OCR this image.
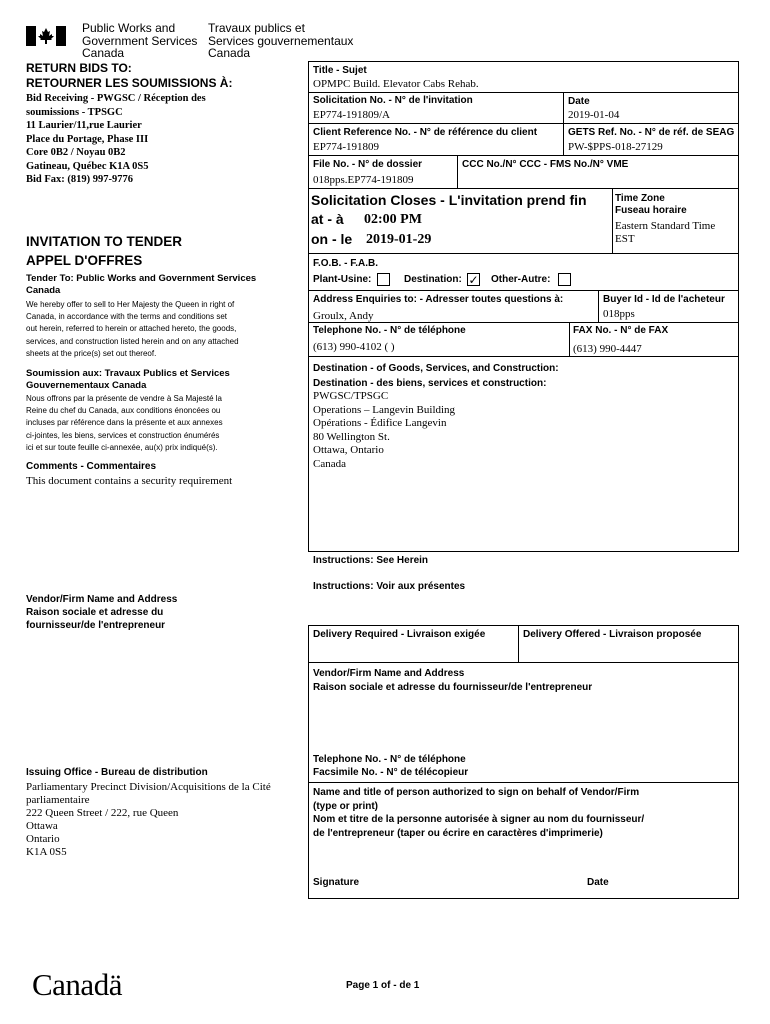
Public Works and
Government Services
Canada
Travaux publics et
Services gouvernementaux
Canada
RETURN BIDS TO:
RETOURNER LES SOUMISSIONS À:
Bid Receiving - PWGSC / Réception des
soumissions - TPSGC
11 Laurier/11,rue Laurier
Place du Portage, Phase III
Core 0B2 / Noyau 0B2
Gatineau, Québec K1A 0S5
Bid Fax: (819) 997-9776
INVITATION TO TENDER
APPEL D'OFFRES
Tender To: Public Works and Government Services
Canada
We hereby offer to sell to Her Majesty the Queen in right of
Canada, in accordance with the terms and conditions set
out herein, referred to herein or attached hereto, the goods,
services, and construction listed herein and on any attached
sheets at the price(s) set out thereof.
Soumission aux: Travaux Publics et Services
Gouvernementaux Canada
Nous offrons par la présente de vendre à Sa Majesté la
Reine du chef du Canada, aux conditions énoncées ou
incluses par référence dans la présente et aux annexes
ci-jointes, les biens, services et construction énumérés
ici et sur toute feuille ci-annexée, au(x) prix indiqué(s).
Comments - Commentaires
This document contains a security requirement
Vendor/Firm Name and Address
Raison sociale et adresse du
fournisseur/de l'entrepreneur
Issuing Office - Bureau de distribution
Parliamentary Precinct Division/Acquisitions de la Cité
parliamentaire
222 Queen Street / 222, rue Queen
Ottawa
Ontario
K1A 0S5
Title - Sujet
OPMPC Build. Elevator Cabs Rehab.
Solicitation No. - N° de l'invitation
EP774-191809/A
Date
2019-01-04
Client Reference No. - N° de référence du client
EP774-191809
GETS Ref. No. - N° de réf. de SEAG
PW-$PPS-018-27129
File No. - N° de dossier
018pps.EP774-191809
CCC No./N° CCC - FMS No./N° VME
Solicitation Closes - L'invitation prend fin
at - à 02:00 PM
on - le 2019-01-29
Time Zone
Fuseau horaire
Eastern Standard Time
EST
F.O.B. - F.A.B.
Plant-Usine:	Destination: ✓ Other-Autre:
Address Enquiries to: - Adresser toutes questions à:
Groulx, Andy
Buyer Id - Id de l'acheteur
018pps
Telephone No. - N° de téléphone
(613) 990-4102 ( )
FAX No. - N° de FAX
(613) 990-4447
Destination - of Goods, Services, and Construction:
Destination - des biens, services et construction:
PWGSC/TPSGC
Operations – Langevin Building
Opérations - Édifice Langevin
80 Wellington St.
Ottawa, Ontario
Canada
Instructions: See Herein
Instructions: Voir aux présentes
Delivery Required - Livraison exigée	Delivery Offered - Livraison proposée
Vendor/Firm Name and Address
Raison sociale et adresse du fournisseur/de l'entrepreneur
Telephone No. - N° de téléphone
Facsimile No. - N° de télécopieur
Name and title of person authorized to sign on behalf of Vendor/Firm
(type or print)
Nom et titre de la personne autorisée à signer au nom du fournisseur/
de l'entrepreneur (taper ou écrire en caractères d'imprimerie)
Signature	Date
Canadä	Page 1 of - de 1
